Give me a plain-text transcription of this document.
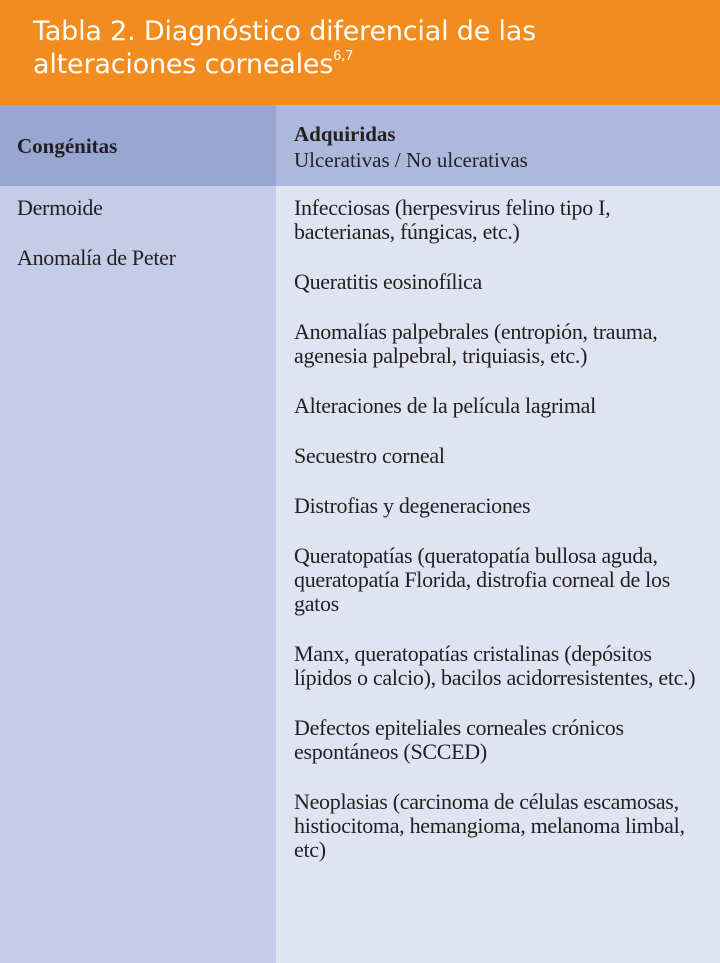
Tabla 2. Diagnóstico diferencial de las alteraciones corneales$^{6,7}$
Congénitas	Adquiridas
Ulcerativas / No ulcerativas
Dermoide
Anomalía de Peter
Infecciosas (herpesvirus felino tipo I, bacterianas, fúngicas, etc.)
Queratitis eosinofílica
Anomalías palpebrales (entropión, trauma, agenesia palpebral, triquiasis, etc.)
Alteraciones de la película lagrimal
Secuestro corneal
Distrofias y degeneraciones
Queratopatías (queratopatía bullosa aguda, queratopatía Florida, distrofia corneal de los gatos
Manx, queratopatías cristalinas (depósitos lípidos o calcio), bacilos acidorresistentes, etc.)
Defectos epiteliales corneales crónicos espontáneos (SCCED)
Neoplasias (carcinoma de células escamosas, histiocitoma, hemangioma, melanoma limbal, etc)
